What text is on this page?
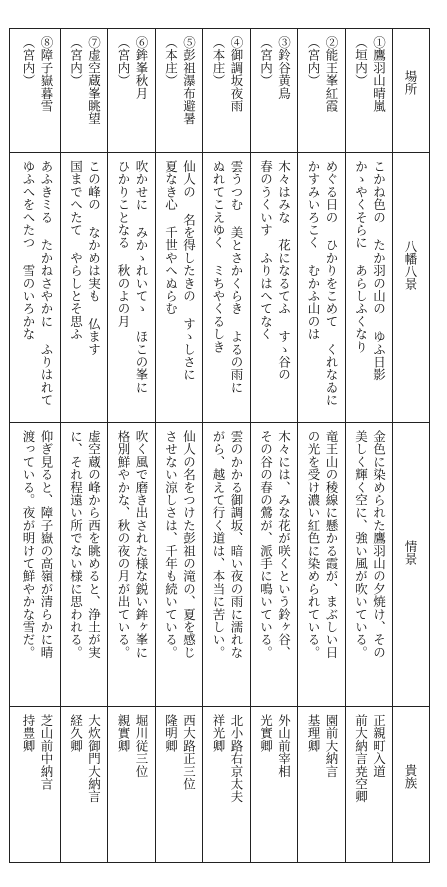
場所
八幡八景
情景
貴族
①鷹羽山晴嵐
（垣内）
こかね色の たか羽の山の ゆふ日影
かゝやくそらに あらしふくなり
金色に染められた鷹羽山の夕焼け、その
美しく輝く空に、強い風が吹いている。
正親町入道
前大納言尭空卿
②能王峯紅霞
（宮内）
めぐる日の ひかりをこめて くれなゐに
かすみいろこく むかふ山のは
竜王山の稜線に懸かる霞が、まぶしい日
の光を受け濃い紅色に染められている。
園前大納言
基理卿
③鈴谷黄鳥
（宮内）
木々はみな 花になるてふ すゝ谷の
春のうくいす ふりはへてなく
木々には、みな花が咲くという鈴ヶ谷、
その谷の春の鶯が、派手に鳴いている。
外山前宰相
光實卿
④御調坂夜雨
（本庄）
雲うつむ 美とさかくらき よるの雨に
ぬれてこえゆく ミちやくるしき
雲のかかる御調坂、暗い夜の雨に濡れな
がら、越えて行く道は、本当に苦しい。
北小路右京太夫
祥光卿
⑤彭祖瀑布避暑
（本庄）
仙人の 名を得したきの すゝしさに
夏なき心 千世やへぬらむ
仙人の名をつけた彭祖の滝の、夏を感じ
させない涼しさは、千年も続いている。
西大路正三位
隆明卿
⑥鉾峯秋月
（宮内）
吹かせに みかゝれいてゝ ほこの峯に
ひかりことなる 秋のよの月
吹く風で磨き出された様な鋭い鉾ヶ峯に
格別鮮やかな、秋の夜の月が出ている。
堀川従三位
親實卿
⑦虚空蔵峯眺望
（宮内）
この峰の なかめは実も 仏ます
国までへたて やらしとそ思ふ
虚空蔵の峰から西を眺めると、浄土が実
に、それ程遠い所でない様に思われる。
大炊御門大納言
経久卿
⑧障子嶽暮雪
（宮内）
あふきミる たかねさやかに ふりはれて
ゆふへをへたつ 雪のいろかな
仰ぎ見ると、障子嶽の高嶺が清らかに晴
渡っている。夜が明けて鮮やかな雪だ。
芝山前中納言
持豊卿
